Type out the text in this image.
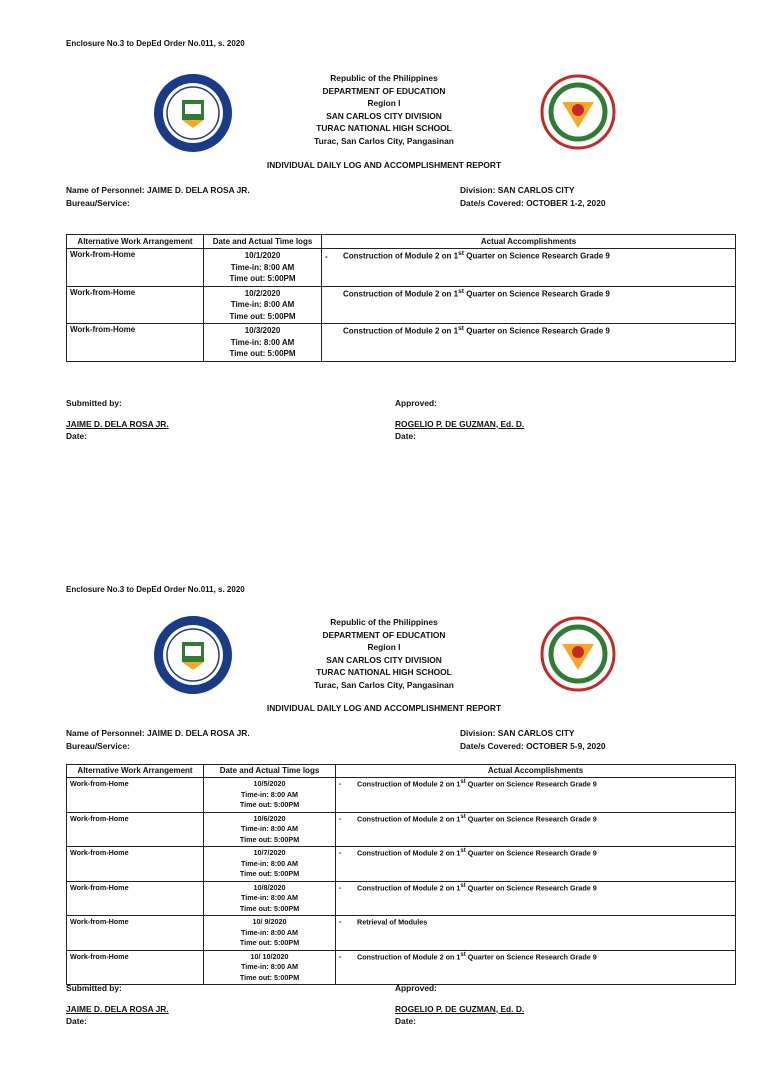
Enclosure No.3 to DepEd Order No.011, s. 2020
Republic of the Philippines
DEPARTMENT OF EDUCATION
Region I
SAN CARLOS CITY DIVISION
TURAC NATIONAL HIGH SCHOOL
Turac, San Carlos City, Pangasinan
INDIVIDUAL DAILY LOG AND ACCOMPLISHMENT REPORT
Name of Personnel: JAIME D. DELA ROSA JR.
Bureau/Service:
Division: SAN CARLOS CITY
Date/s Covered: OCTOBER 1-2, 2020
Alternative Work Arrangement	Date and Actual Time logs	Actual Accomplishments
Work-from-Home	10/1/2020
Time-in: 8:00 AM
Time out: 5:00PM	- Construction of Module 2 on 1st Quarter on Science Research Grade 9
Work-from-Home	10/2/2020
Time-in: 8:00 AM
Time out: 5:00PM	Construction of Module 2 on 1st Quarter on Science Research Grade 9
Work-from-Home	10/3/2020
Time-in: 8:00 AM
Time out: 5:00PM	Construction of Module 2 on 1st Quarter on Science Research Grade 9
Submitted by:
JAIME D. DELA ROSA JR.
Date:
Approved:
ROGELIO P. DE GUZMAN, Ed. D.
Date:
Enclosure No.3 to DepEd Order No.011, s. 2020
Republic of the Philippines
DEPARTMENT OF EDUCATION
Region I
SAN CARLOS CITY DIVISION
TURAC NATIONAL HIGH SCHOOL
Turac, San Carlos City, Pangasinan
INDIVIDUAL DAILY LOG AND ACCOMPLISHMENT REPORT
Name of Personnel: JAIME D. DELA ROSA JR.
Bureau/Service:
Division: SAN CARLOS CITY
Date/s Covered: OCTOBER 5-9, 2020
Alternative Work Arrangement	Date and Actual Time logs	Actual Accomplishments
Work-from-Home	10/5/2020
Time-in: 8:00 AM
Time out: 5:00PM	- Construction of Module 2 on 1st Quarter on Science Research Grade 9
Work-from-Home	10/6/2020
Time-in: 8:00 AM
Time out: 5:00PM	- Construction of Module 2 on 1st Quarter on Science Research Grade 9
Work-from-Home	10/7/2020
Time-in: 8:00 AM
Time out: 5:00PM	- Construction of Module 2 on 1st Quarter on Science Research Grade 9
Work-from-Home	10/8/2020
Time-in: 8:00 AM
Time out: 5:00PM	- Construction of Module 2 on 1st Quarter on Science Research Grade 9
Work-from-Home	10/ 9/2020
Time-in: 8:00 AM
Time out: 5:00PM	- Retrieval of Modules
Work-from-Home	10/ 10/2020
Time-in: 8:00 AM
Time out: 5:00PM	- Construction of Module 2 on 1st Quarter on Science Research Grade 9
Submitted by:
JAIME D. DELA ROSA JR.
Date:
Approved:
ROGELIO P. DE GUZMAN, Ed. D.
Date:
